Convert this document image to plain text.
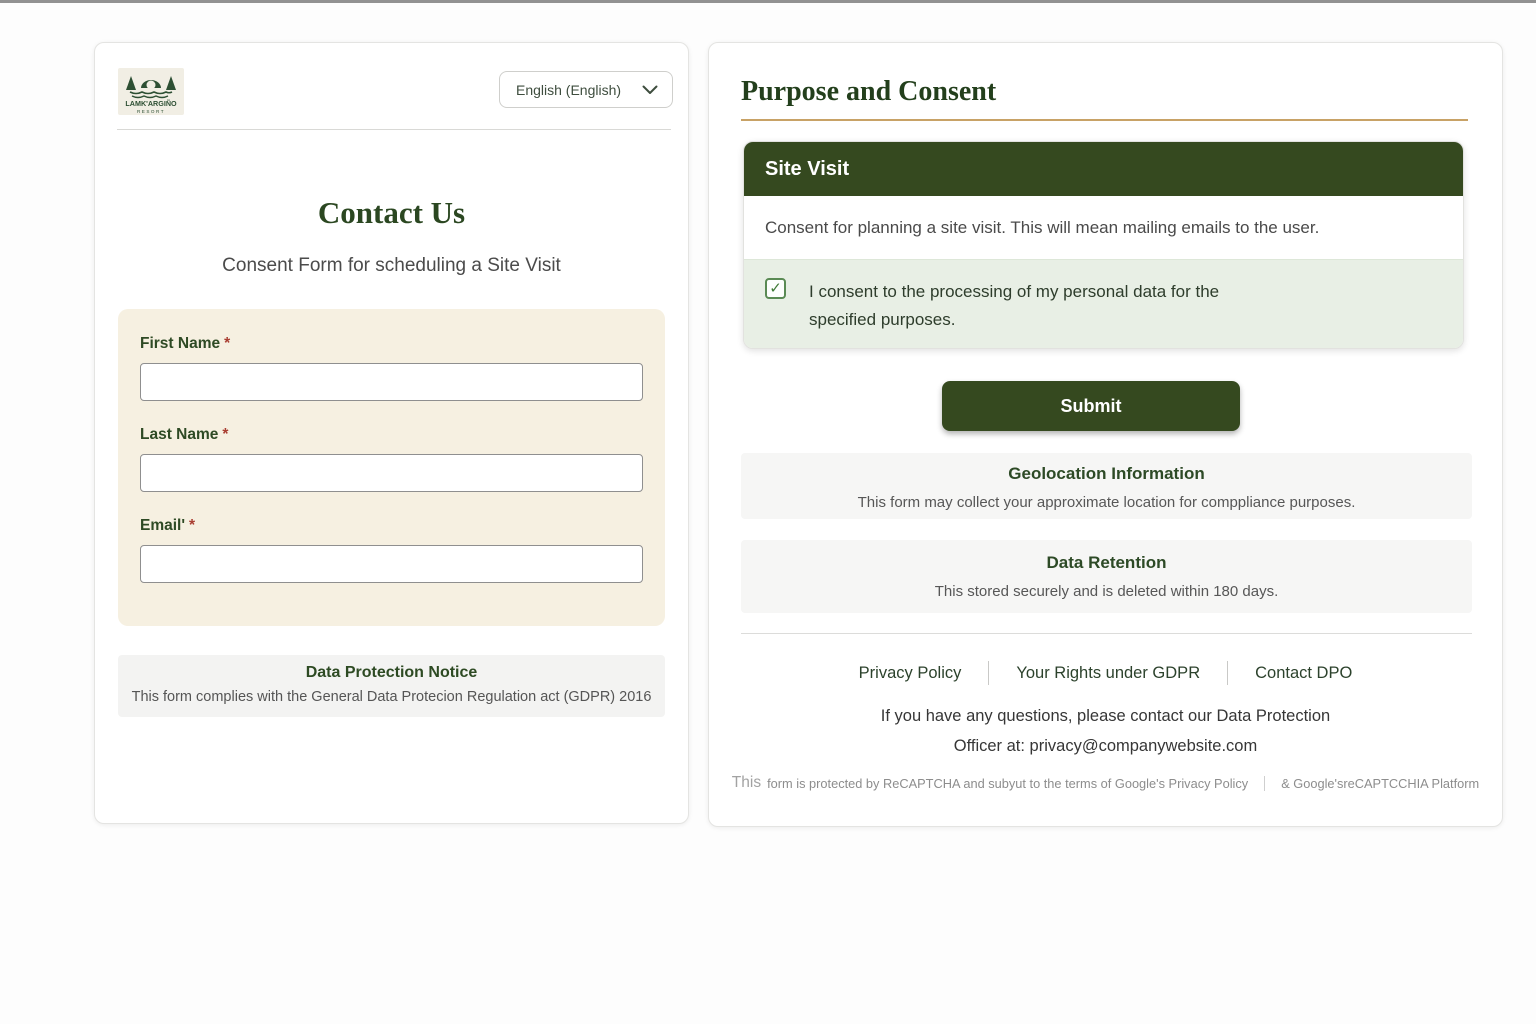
LAMK'ARGIÑO
RESORT
English (English)
Contact Us
Consent Form for scheduling a Site Visit
First Name *
Last Name *
Email' *
Data Protection Notice
This form complies with the General Data Protecion Regulation act (GDPR) 2016
Purpose and Consent
Site Visit
Consent for planning a site visit. This will mean mailing emails to the user.
✓ I consent to the processing of my personal data for the specified purposes.
Submit
Geolocation Information
This form may collect your approximate location for comppliance purposes.
Data Retention
This stored securely and is deleted within 180 days.
Privacy Policy	Your Rights under GDPR	Contact DPO
If you have any questions, please contact our Data Protection
Officer at: privacy@companywebsite.com
This form is protected by ReCAPTCHA and subyut to the terms of Google's Privacy Policy	& Google'sreCAPTCCHIA Platform
